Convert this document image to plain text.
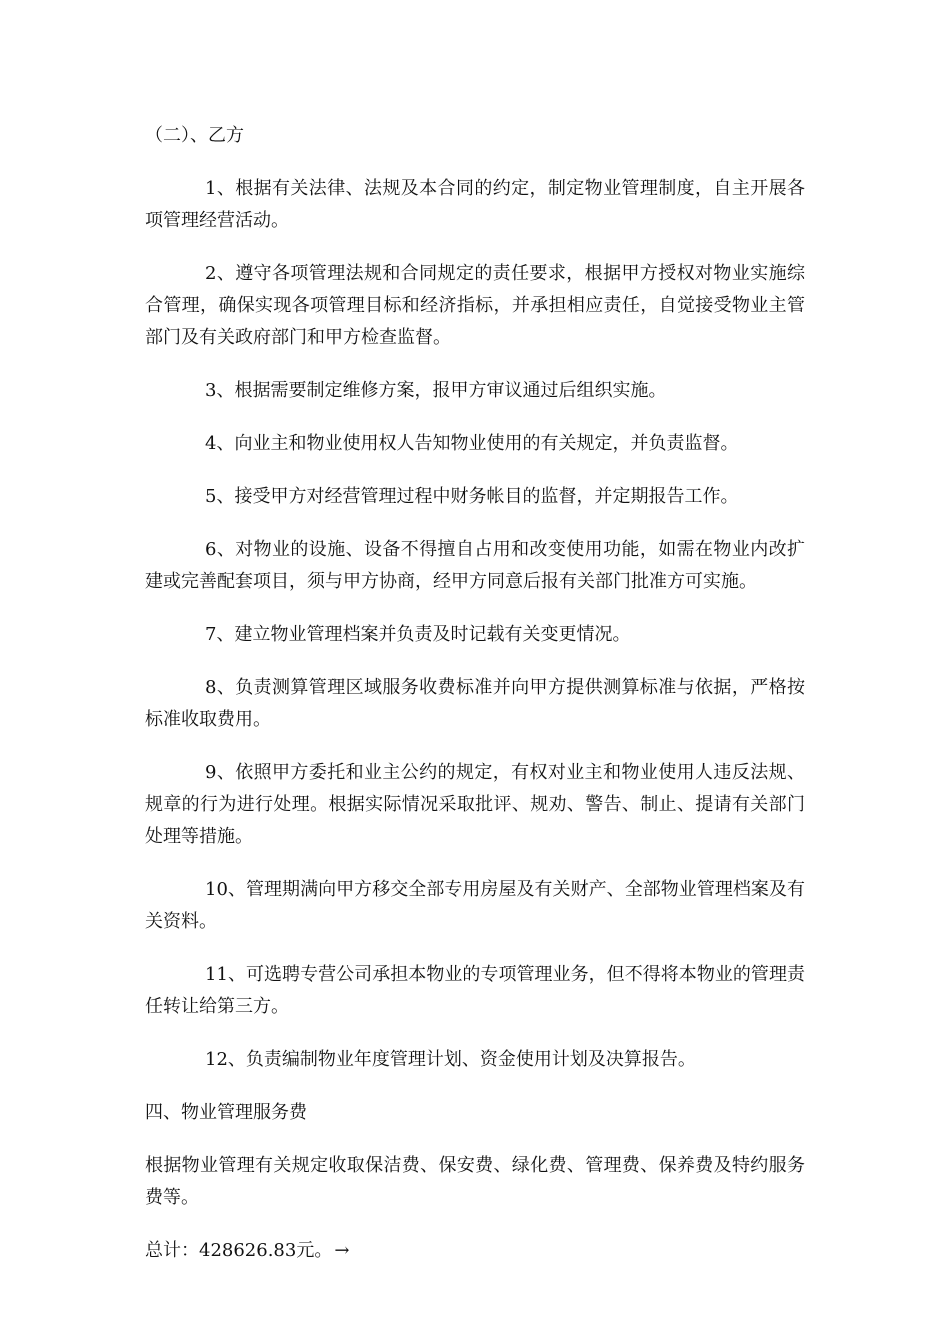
（二）、乙方

1、根据有关法律、法规及本合同的约定，制定物业管理制度，自主开展各项管理经营活动。

2、遵守各项管理法规和合同规定的责任要求，根据甲方授权对物业实施综合管理，确保实现各项管理目标和经济指标，并承担相应责任，自觉接受物业主管部门及有关政府部门和甲方检查监督。

3、根据需要制定维修方案，报甲方审议通过后组织实施。

4、向业主和物业使用权人告知物业使用的有关规定，并负责监督。

5、接受甲方对经营管理过程中财务帐目的监督，并定期报告工作。

6、对物业的设施、设备不得擅自占用和改变使用功能，如需在物业内改扩建或完善配套项目，须与甲方协商，经甲方同意后报有关部门批准方可实施。

7、建立物业管理档案并负责及时记载有关变更情况。

8、负责测算管理区域服务收费标准并向甲方提供测算标准与依据，严格按标准收取费用。

9、依照甲方委托和业主公约的规定，有权对业主和物业使用人违反法规、规章的行为进行处理。根据实际情况采取批评、规劝、警告、制止、提请有关部门处理等措施。

10、管理期满向甲方移交全部专用房屋及有关财产、全部物业管理档案及有关资料。

11、可选聘专营公司承担本物业的专项管理业务，但不得将本物业的管理责任转让给第三方。

12、负责编制物业年度管理计划、资金使用计划及决算报告。

四、物业管理服务费

根据物业管理有关规定收取保洁费、保安费、绿化费、管理费、保养费及特约服务费等。

总计：428626.83元。 →
